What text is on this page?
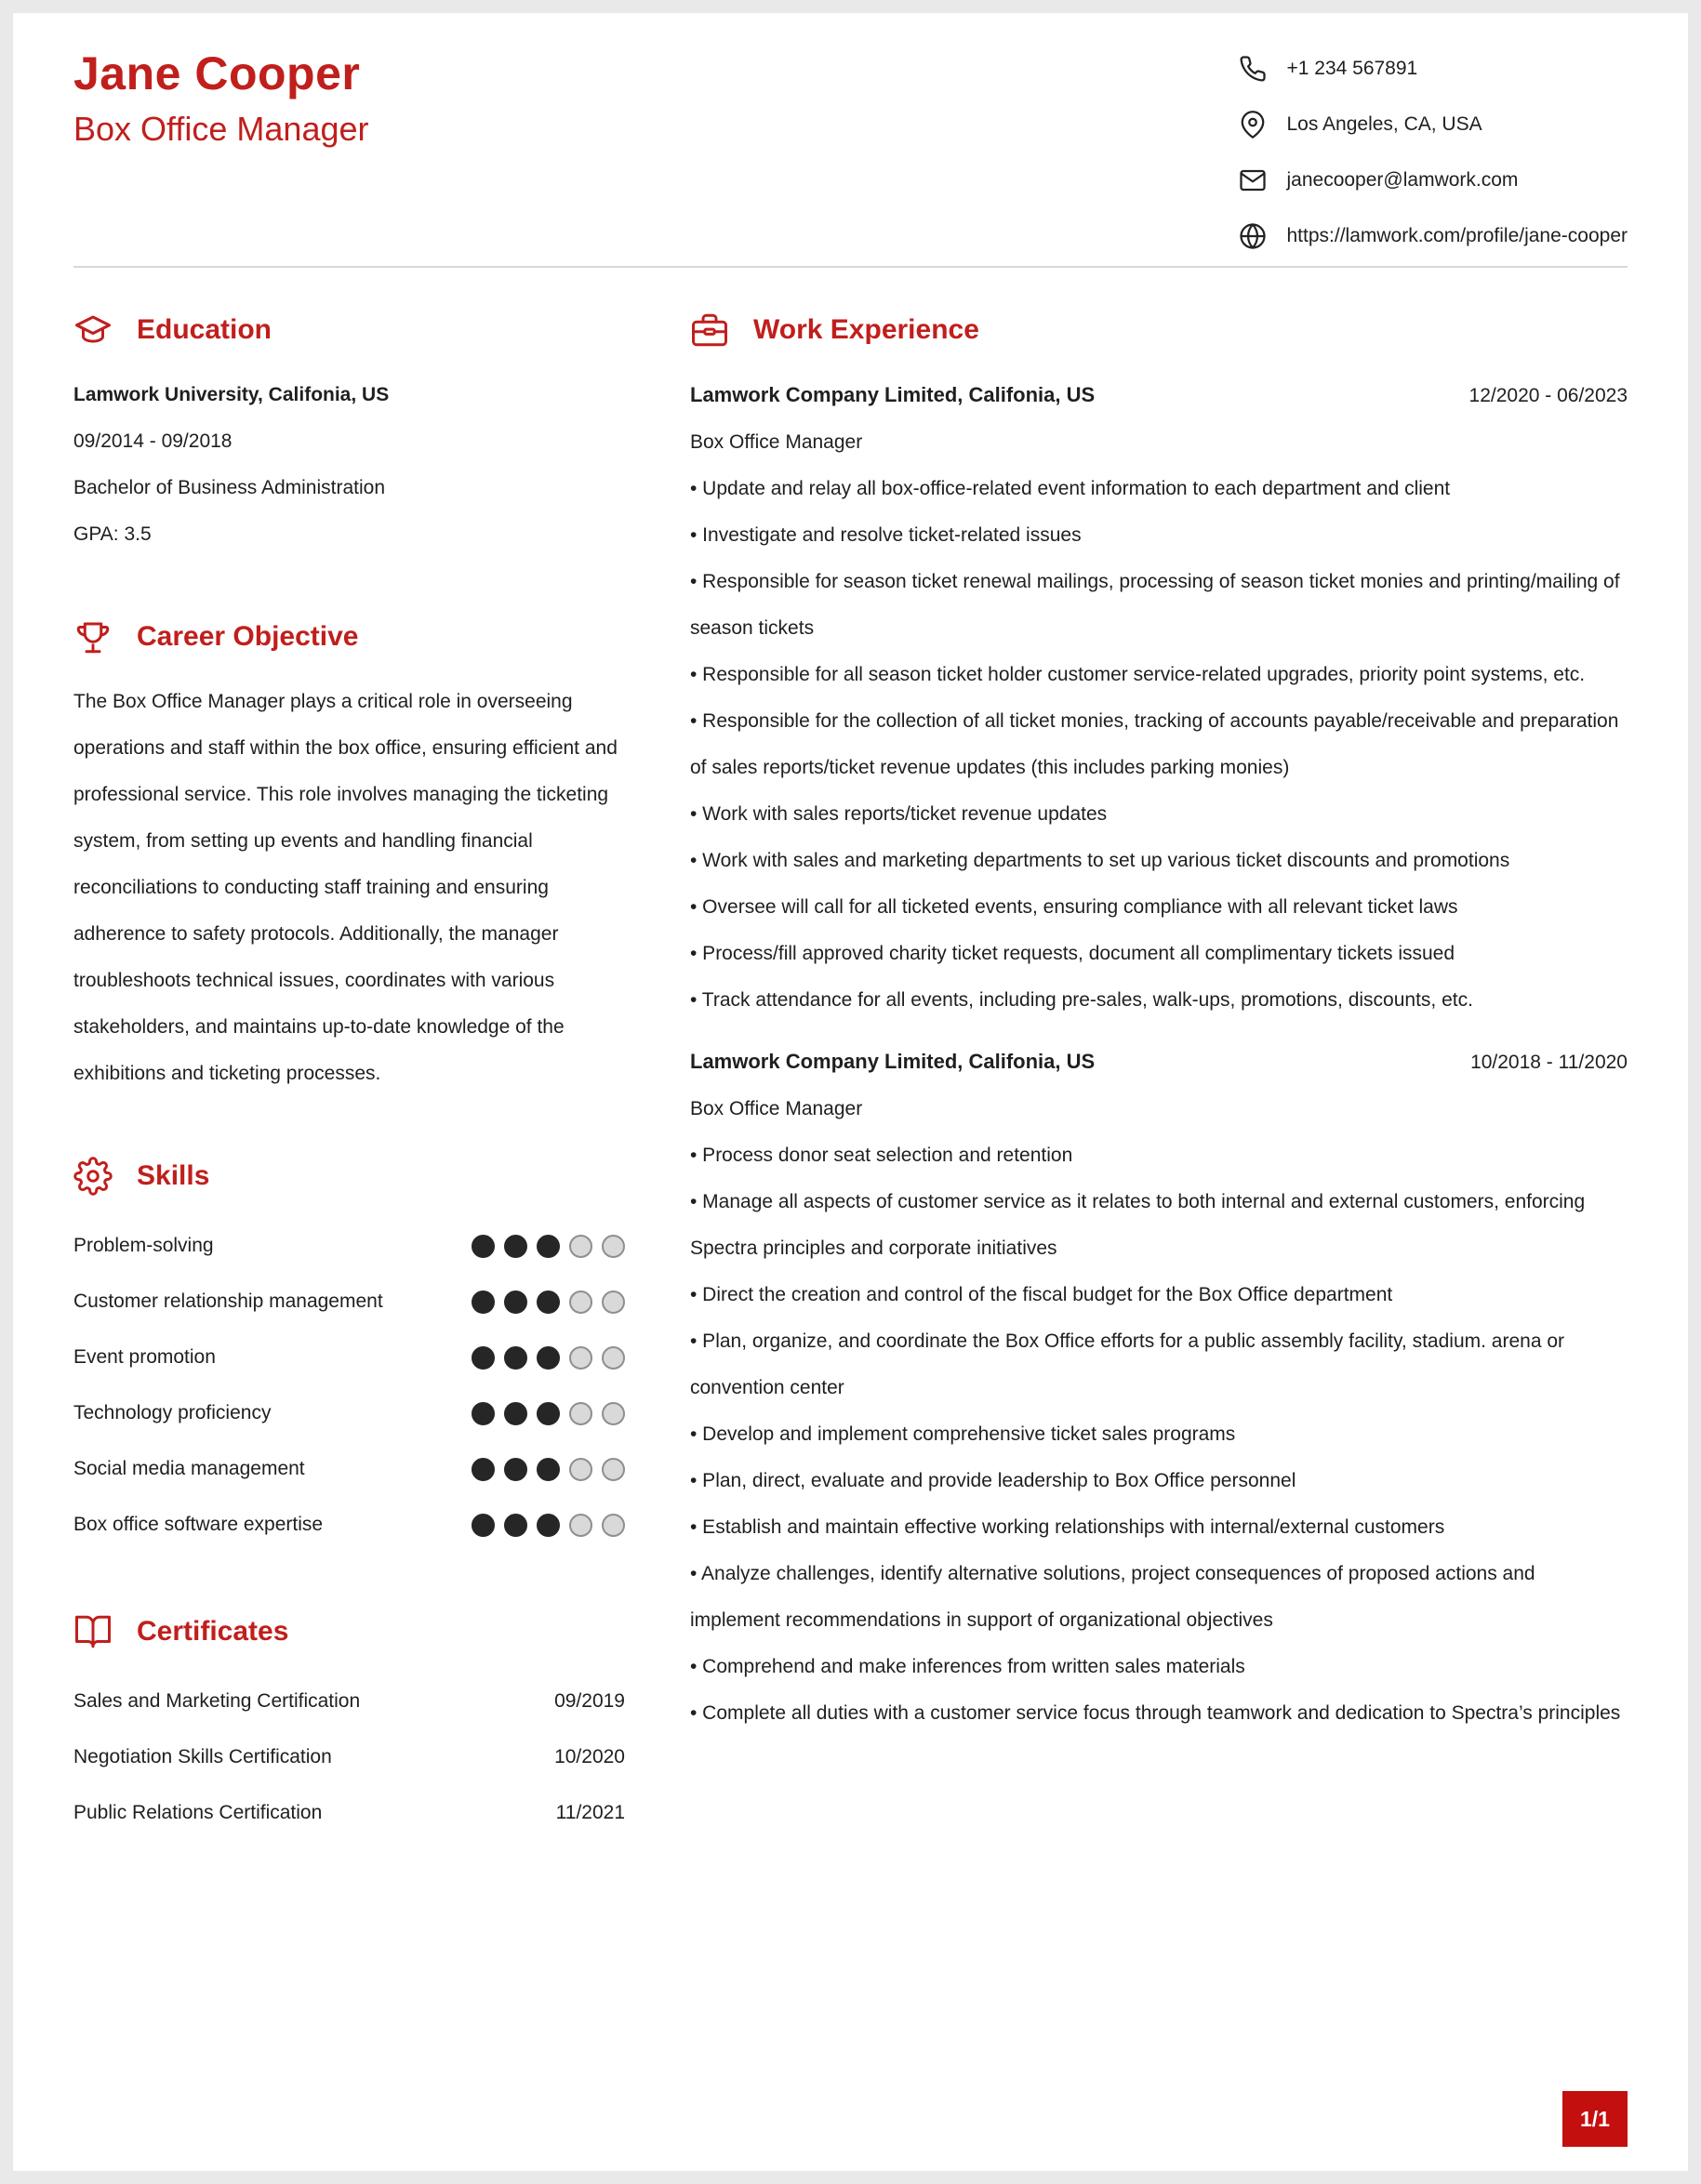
Jane Cooper
Box Office Manager
+1 234 567891
Los Angeles, CA, USA
janecooper@lamwork.com
https://lamwork.com/profile/jane-cooper
Education
Lamwork University, Califonia, US
09/2014 - 09/2018
Bachelor of Business Administration
GPA: 3.5
Career Objective

The Box Office Manager plays a critical role in overseeing operations and staff within the box office, ensuring efficient and professional service. This role involves managing the ticketing system, from setting up events and handling financial reconciliations to conducting staff training and ensuring adherence to safety protocols. Additionally, the manager troubleshoots technical issues, coordinates with various stakeholders, and maintains up-to-date knowledge of the exhibitions and ticketing processes.

Skills
Problem-solving
Customer relationship management
Event promotion
Technology proficiency
Social media management
Box office software expertise
Certificates
Sales and Marketing Certification	09/2019
Negotiation Skills Certification	10/2020
Public Relations Certification	11/2021
Work Experience
Lamwork Company Limited, Califonia, US	12/2020 - 06/2023
Box Office Manager

• Update and relay all box-office-related event information to each department and client

• Investigate and resolve ticket-related issues

• Responsible for season ticket renewal mailings, processing of season ticket monies and printing/mailing of season tickets

• Responsible for all season ticket holder customer service-related upgrades, priority point systems, etc.

• Responsible for the collection of all ticket monies, tracking of accounts payable/receivable and preparation of sales reports/ticket revenue updates (this includes parking monies)

• Work with sales reports/ticket revenue updates

• Work with sales and marketing departments to set up various ticket discounts and promotions

• Oversee will call for all ticketed events, ensuring compliance with all relevant ticket laws

• Process/fill approved charity ticket requests, document all complimentary tickets issued

• Track attendance for all events, including pre-sales, walk-ups, promotions, discounts, etc.

Lamwork Company Limited, Califonia, US	10/2018 - 11/2020
Box Office Manager

• Process donor seat selection and retention

• Manage all aspects of customer service as it relates to both internal and external customers, enforcing Spectra principles and corporate initiatives

• Direct the creation and control of the fiscal budget for the Box Office department

• Plan, organize, and coordinate the Box Office efforts for a public assembly facility, stadium. arena or convention center

• Develop and implement comprehensive ticket sales programs

• Plan, direct, evaluate and provide leadership to Box Office personnel

• Establish and maintain effective working relationships with internal/external customers

• Analyze challenges, identify alternative solutions, project consequences of proposed actions and implement recommendations in support of organizational objectives

• Comprehend and make inferences from written sales materials

• Complete all duties with a customer service focus through teamwork and dedication to Spectra’s principles

1/1
